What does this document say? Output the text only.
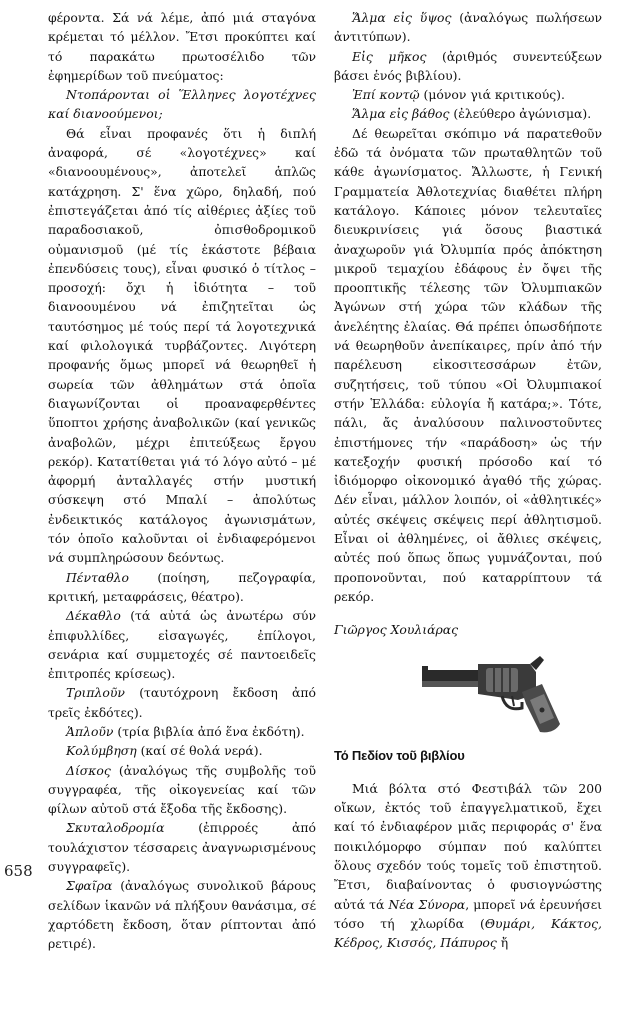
φέροντα. Σά νά λέμε, ἀπό μιά σταγόνα κρέμεται τό μέλλον. Ἔτσι προκύπτει καί τό παρακάτω πρωτοσέλιδο τῶν ἐφημερίδων τοῦ πνεύματος:

Ντοπάρονται οἱ Ἕλληνες λογοτέχνες καί διανοούμενοι;

Θά εἶναι προφανές ὅτι ἡ διπλή ἀναφορά, σέ «λογοτέχνες» καί «διανοουμένους», ἀποτελεῖ ἁπλῶς κατάχρηση. Σ' ἕνα χῶρο, δηλαδή, πού ἐπιστεγάζεται ἀπό τίς αἰθέριες ἀξίες τοῦ παραδοσιακοῦ, ὀπισθοδρομικοῦ οὐμανισμοῦ (μέ τίς ἑκάστοτε βέβαια ἐπενδύσεις τους), εἶναι φυσικό ὁ τίτλος – προσοχή: ὄχι ἡ ἰδιότητα – τοῦ διανοουμένου νά ἐπιζητεῖται ὡς ταυτόσημος μέ τούς περί τά λογοτεχνικά καί φιλολογικά τυρβάζοντες. Λιγότερη προφανής ὅμως μπορεῖ νά θεωρηθεῖ ἡ σωρεία τῶν ἀθλημάτων στά ὁποῖα διαγωνίζονται οἱ προαναφερθέντες ὕποπτοι χρήσης ἀναβολικῶν (καί γενικῶς ἀναβολῶν, μέχρι ἐπιτεύξεως ἔργου ρεκόρ). Κατατίθεται γιά τό λόγο αὐτό – μέ ἀφορμή ἀνταλλαγές στήν μυστική σύσκεψη στό Μπαλί – ἀπολύτως ἐνδεικτικός κατάλογος ἀγωνισμάτων, τόν ὁποῖο καλοῦνται οἱ ἐνδιαφερόμενοι νά συμπληρώσουν δεόντως.

Πένταθλο (ποίηση, πεζογραφία, κριτική, μεταφράσεις, θέατρο).

Δέκαθλο (τά αὐτά ὡς ἀνωτέρω σύν ἐπιφυλλίδες, εἰσαγωγές, ἐπίλογοι, σενάρια καί συμμετοχές σέ παντοειδεῖς ἐπιτροπές κρίσεως).

Τριπλοῦν (ταυτόχρονη ἔκδοση ἀπό τρεῖς ἐκδότες).

Ἁπλοῦν (τρία βιβλία ἀπό ἕνα ἐκδότη).

Κολύμβηση (καί σέ θολά νερά).

Δίσκος (ἀναλόγως τῆς συμβολῆς τοῦ συγγραφέα, τῆς οἰκογενείας καί τῶν φίλων αὐτοῦ στά ἔξοδα τῆς ἔκδοσης).

Σκυταλοδρομία (ἐπιρροές ἀπό τουλάχιστον τέσσαρεις ἀναγνωρισμένους συγγραφεῖς).

Σφαῖρα (ἀναλόγως συνολικοῦ βάρους σελίδων ἱκανῶν νά πλήξουν θανάσιμα, σέ χαρτόδετη ἔκδοση, ὅταν ρίπτονται ἀπό ρετιρέ).

658

Ἅλμα εἰς ὕψος (ἀναλόγως πωλήσεων ἀντιτύπων).

Εἰς μῆκος (ἀριθμός συνεντεύξεων βάσει ἑνός βιβλίου).

Ἐπί κοντῷ (μόνον γιά κριτικούς).

Ἅλμα εἰς βάθος (ἐλεύθερο ἀγώνισμα).

Δέ θεωρεῖται σκόπιμο νά παρατεθοῦν ἐδῶ τά ὀνόματα τῶν πρωταθλητῶν τοῦ κάθε ἀγωνίσματος. Ἄλλωστε, ἡ Γενική Γραμματεία Ἀθλοτεχνίας διαθέτει πλήρη κατάλογο. Κάποιες μόνον τελευταῖες διευκρινίσεις γιά ὅσους βιαστικά ἀναχωροῦν γιά Ὀλυμπία πρός ἀπόκτηση μικροῦ τεμαχίου ἐδάφους ἐν ὄψει τῆς προοπτικῆς τέλεσης τῶν Ὀλυμπιακῶν Ἀγώνων στή χώρα τῶν κλάδων τῆς ἀνελέητης ἐλαίας. Θά πρέπει ὁπωσδήποτε νά θεωρηθοῦν ἀνεπίκαιρες, πρίν ἀπό τήν παρέλευση εἰκοσιτεσσάρων ἐτῶν, συζητήσεις, τοῦ τύπου «Οἱ Ὀλυμπιακοί στήν Ἑλλάδα: εὐλογία ἤ κατάρα;». Τότε, πάλι, ἄς ἀναλύσουν παλινοστοῦντες ἐπιστήμονες τήν «παράδοση» ὡς τήν κατεξοχήν φυσική πρόσοδο καί τό ἰδιόμορφο οἰκονομικό ἀγαθό τῆς χώρας. Δέν εἶναι, μάλλον λοιπόν, οἱ «ἀθλητικές» αὐτές σκέψεις σκέψεις περί ἀθλητισμοῦ. Εἶναι οἱ ἀθλημένες, οἱ ἄθλιες σκέψεις, αὐτές πού ὅπως ὅπως γυμνάζονται, πού προπονοῦνται, πού καταρρίπτουν τά ρεκόρ.

Γιῶργος Χουλιάρας

Τό Πεδίον τοῦ βιβλίου

Μιά βόλτα στό Φεστιβάλ τῶν 200 οἴκων, ἐκτός τοῦ ἐπαγγελματικοῦ, ἔχει καί τό ἐνδιαφέρον μιᾶς περιφοράς σ' ἕνα ποικιλόμορφο σύμπαν πού καλύπτει ὅλους σχεδόν τούς τομεῖς τοῦ ἐπιστητοῦ. Ἔτσι, διαβαίνοντας ὁ φυσιογνώστης αὐτά τά Νέα Σύνορα, μπορεῖ νά ἐρευνήσει τόσο τή χλωρίδα (Θυμάρι, Κάκτος, Κέδρος, Κισσός, Πάπυρος ἤ
